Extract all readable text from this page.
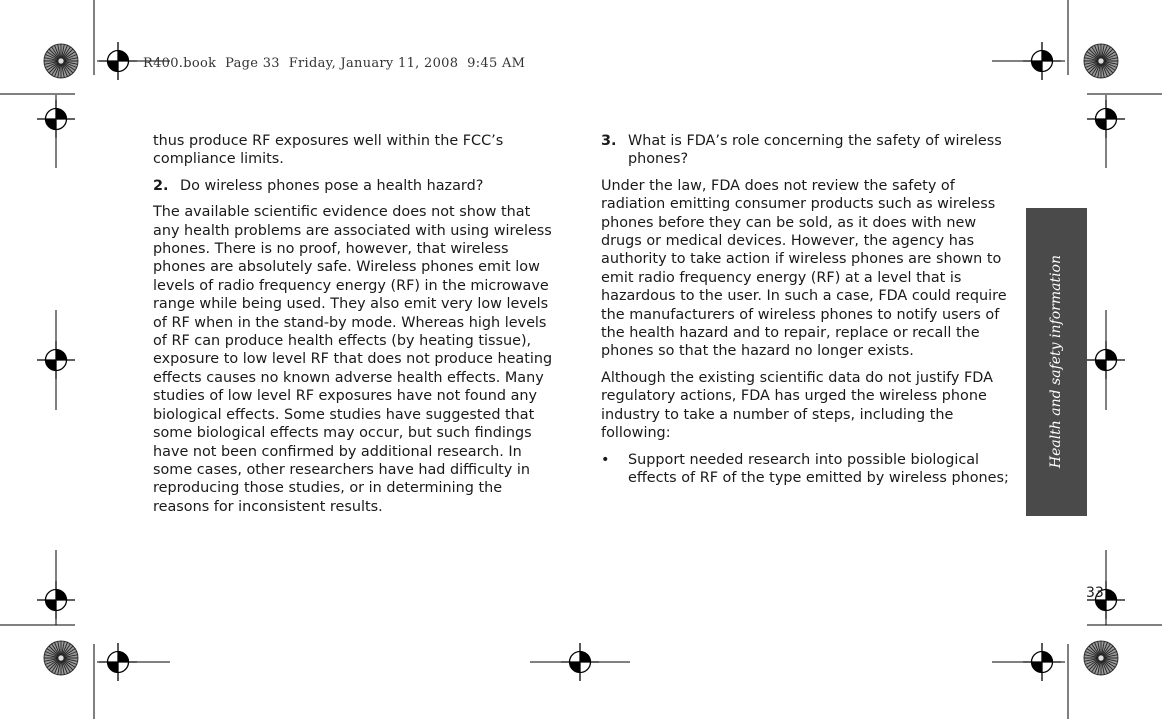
R400.book  Page 33  Friday, January 11, 2008  9:45 AM
Health and safety information

thus produce RF exposures well within the FCC’s compliance limits.

2. Do wireless phones pose a health hazard?

The available scientific evidence does not show that any health problems are associated with using wireless phones. There is no proof, however, that wireless phones are absolutely safe. Wireless phones emit low levels of radio frequency energy (RF) in the microwave range while being used. They also emit very low levels of RF when in the stand-by mode. Whereas high levels of RF can produce health effects (by heating tissue), exposure to low level RF that does not produce heating effects causes no known adverse health effects. Many studies of low level RF exposures have not found any biological effects. Some studies have suggested that some biological effects may occur, but such findings have not been confirmed by additional research. In some cases, other researchers have had difficulty in reproducing those studies, or in determining the reasons for inconsistent results.

3. What is FDA’s role concerning the safety of wireless phones?

Under the law, FDA does not review the safety of radiation emitting consumer products such as wireless phones before they can be sold, as it does with new drugs or medical devices. However, the agency has authority to take action if wireless phones are shown to emit radio frequency energy (RF) at a level that is hazardous to the user. In such a case, FDA could require the manufacturers of wireless phones to notify users of the health hazard and to repair, replace or recall the phones so that the hazard no longer exists.

Although the existing scientific data do not justify FDA regulatory actions, FDA has urged the wireless phone industry to take a number of steps, including the following:

•	Support needed research into possible biological effects of RF of the type emitted by wireless phones;
33
